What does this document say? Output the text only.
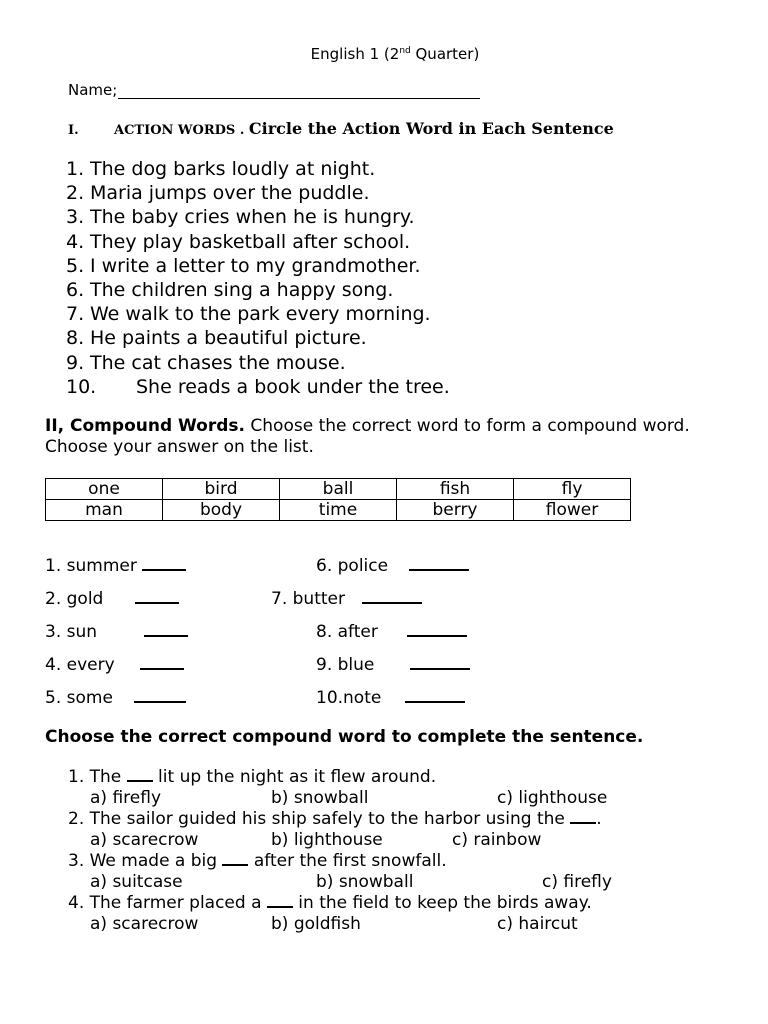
English 1 (2nd Quarter)
Name;
I.	ACTION WORDS . Circle the Action Word in Each Sentence
1. The dog barks loudly at night.
2. Maria jumps over the puddle.
3. The baby cries when he is hungry.
4. They play basketball after school.
5. I write a letter to my grandmother.
6. The children sing a happy song.
7. We walk to the park every morning.
8. He paints a beautiful picture.
9. The cat chases the mouse.
10.	She reads a book under the tree.
II, Compound Words. Choose the correct word to form a compound word. Choose your answer on the list.
one	bird	ball	fish	fly
man	body	time	berry	flower
1. summer
2. gold
3. sun
4. every
5. some
6. police
7. butter
8. after
9. blue
10.note
Choose the correct compound word to complete the sentence.
1. The  lit up the night as it flew around.
a) firefly	b) snowball	c) lighthouse
2. The sailor guided his ship safely to the harbor using the .
a) scarecrow	b) lighthouse	c) rainbow
3. We made a big  after the first snowfall.
a) suitcase	b) snowball	c) firefly
4. The farmer placed a  in the field to keep the birds away.
a) scarecrow	b) goldfish	c) haircut
